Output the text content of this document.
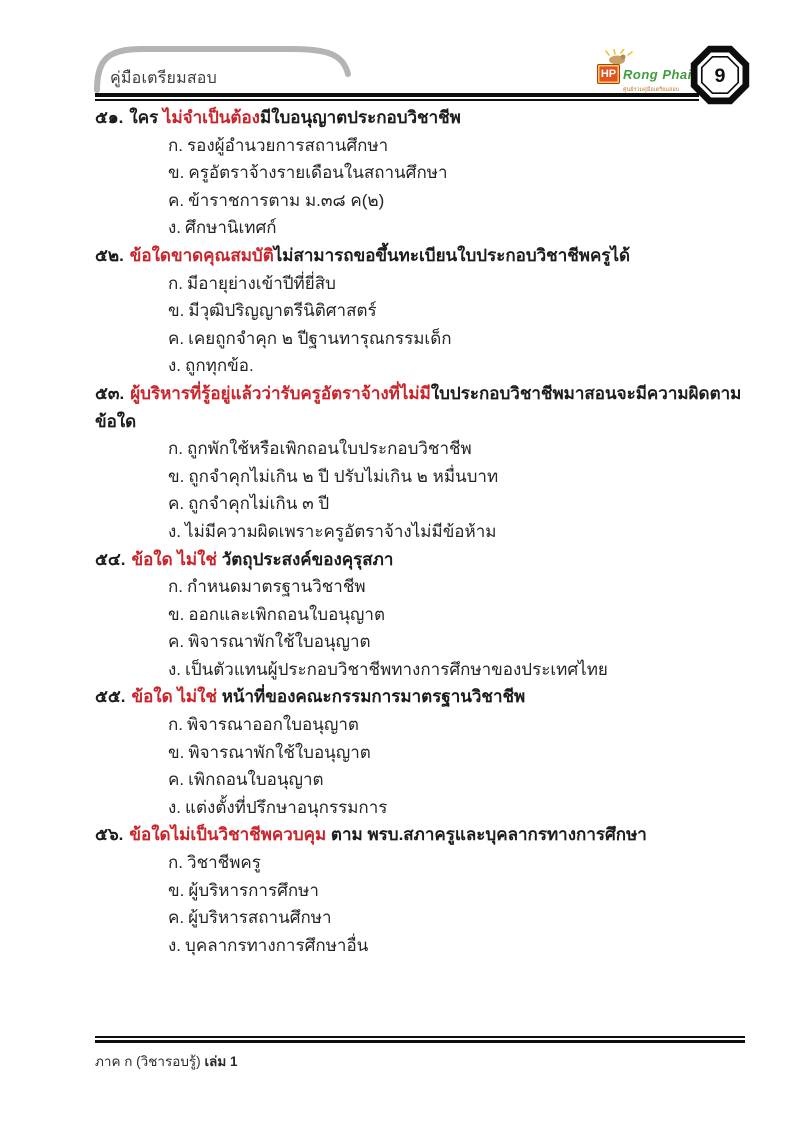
คู่มือเตรียมสอบ	HP Rong Phai
ศูนย์รวมคู่มือเตรียมสอบ
9
๕๑. ใคร ไม่จำเป็นต้องมีใบอนุญาตประกอบวิชาชีพ
ก. รองผู้อำนวยการสถานศึกษา
ข. ครูอัตราจ้างรายเดือนในสถานศึกษา
ค. ข้าราชการตาม ม.๓๘ ค(๒)
ง. ศึกษานิเทศก์
๕๒. ข้อใดขาดคุณสมบัติไม่สามารถขอขึ้นทะเบียนใบประกอบวิชาชีพครูได้
ก. มีอายุย่างเข้าปีที่ยี่สิบ
ข. มีวุฒิปริญญาตรีนิติศาสตร์
ค. เคยถูกจำคุก ๒ ปีฐานทารุณกรรมเด็ก
ง. ถูกทุกข้อ.
๕๓. ผู้บริหารที่รู้อยู่แล้วว่ารับครูอัตราจ้างที่ไม่มีใบประกอบวิชาชีพมาสอนจะมีความผิดตามข้อใด
ก. ถูกพักใช้หรือเพิกถอนใบประกอบวิชาชีพ
ข. ถูกจำคุกไม่เกิน ๒ ปี ปรับไม่เกิน ๒ หมื่นบาท
ค. ถูกจำคุกไม่เกิน ๓ ปี
ง. ไม่มีความผิดเพราะครูอัตราจ้างไม่มีข้อห้าม
๕๔. ข้อใด ไม่ใช่ วัตถุประสงค์ของคุรุสภา
ก. กำหนดมาตรฐานวิชาชีพ
ข. ออกและเพิกถอนใบอนุญาต
ค. พิจารณาพักใช้ใบอนุญาต
ง. เป็นตัวแทนผู้ประกอบวิชาชีพทางการศึกษาของประเทศไทย
๕๕. ข้อใด ไม่ใช่ หน้าที่ของคณะกรรมการมาตรฐานวิชาชีพ
ก. พิจารณาออกใบอนุญาต
ข. พิจารณาพักใช้ใบอนุญาต
ค. เพิกถอนใบอนุญาต
ง. แต่งตั้งที่ปรึกษาอนุกรรมการ
๕๖. ข้อใดไม่เป็นวิชาชีพควบคุม ตาม พรบ.สภาครูและบุคลากรทางการศึกษา
ก. วิชาชีพครู
ข. ผู้บริหารการศึกษา
ค. ผู้บริหารสถานศึกษา
ง. บุคลากรทางการศึกษาอื่น
ภาค ก (วิชารอบรู้) เล่ม 1
